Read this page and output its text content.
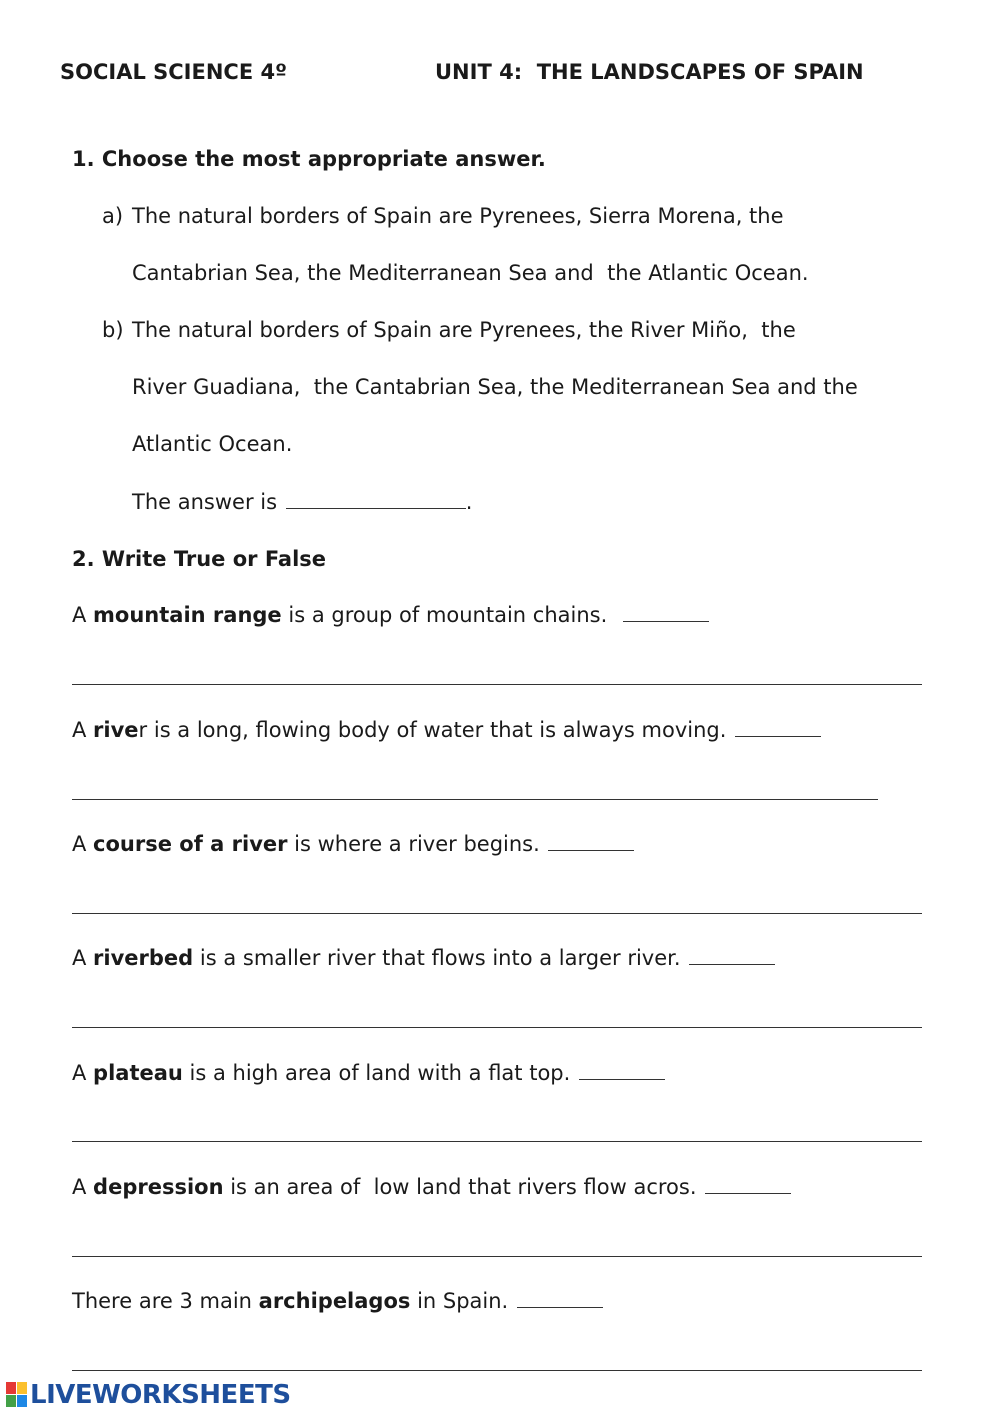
SOCIAL SCIENCE 4º	UNIT 4:  THE LANDSCAPES OF SPAIN
1. Choose the most appropriate answer.
a) The natural borders of Spain are Pyrenees, Sierra Morena, the
Cantabrian Sea, the Mediterranean Sea and  the Atlantic Ocean.
b) The natural borders of Spain are Pyrenees, the River Miño,  the
River Guadiana,  the Cantabrian Sea, the Mediterranean Sea and the
Atlantic Ocean.
The answer is	.
2. Write True or False
A mountain range is a group of mountain chains.
A river is a long, flowing body of water that is always moving.
A course of a river is where a river begins.
A riverbed is a smaller river that flows into a larger river.
A plateau is a high area of land with a flat top.
A depression is an area of  low land that rivers flow acros.
There are 3 main archipelagos in Spain.
LIVEWORKSHEETS
